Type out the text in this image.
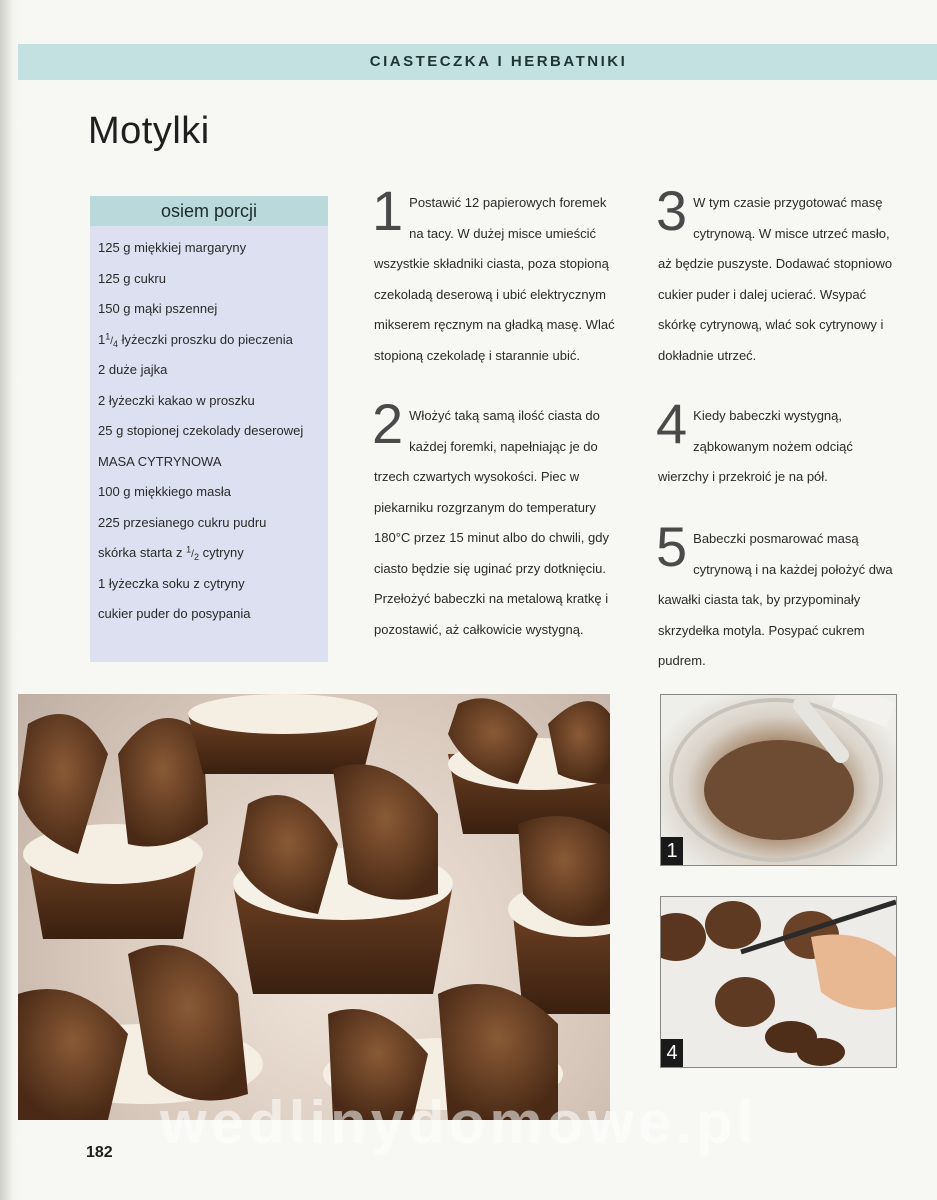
CIASTECZKA I HERBATNIKI
Motylki
osiem porcji
125 g miękkiej margaryny
125 g cukru
150 g mąki pszennej
$1^1/_4$ łyżeczki proszku do pieczenia
2 duże jajka
2 łyżeczki kakao w proszku
25 g stopionej czekolady deserowej
MASA CYTRYNOWA
100 g miękkiego masła
225 przesianego cukru pudru
skórka starta z $^1/_2$ cytryny
1 łyżeczka soku z cytryny
cukier puder do posypania
1 Postawić 12 papierowych foremek na tacy. W dużej misce umieścić wszystkie składniki ciasta, poza stopioną czekoladą deserową i ubić elektrycznym mikserem ręcznym na gładką masę. Wlać stopioną czekoladę i starannie ubić.

2 Włożyć taką samą ilość ciasta do każdej foremki, napełniając je do trzech czwartych wysokości. Piec w piekarniku rozgrzanym do temperatury 180°C przez 15 minut albo do chwili, gdy ciasto będzie się uginać przy dotknięciu. Przełożyć babeczki na metalową kratkę i pozostawić, aż całkowicie wystygną.

3 W tym czasie przygotować masę cytrynową. W misce utrzeć masło, aż będzie puszyste. Dodawać stopniowo cukier puder i dalej ucierać. Wsypać skórkę cytrynową, wlać sok cytrynowy i dokładnie utrzeć.

4 Kiedy babeczki wystygną, ząbkowanym nożem odciąć wierzchy i przekroić je na pół.

5 Babeczki posmarować masą cytrynową i na każdej położyć dwa kawałki ciasta tak, by przypominały skrzydełka motyla. Posypać cukrem pudrem.

1
4
wedlinydomowe.pl
182
